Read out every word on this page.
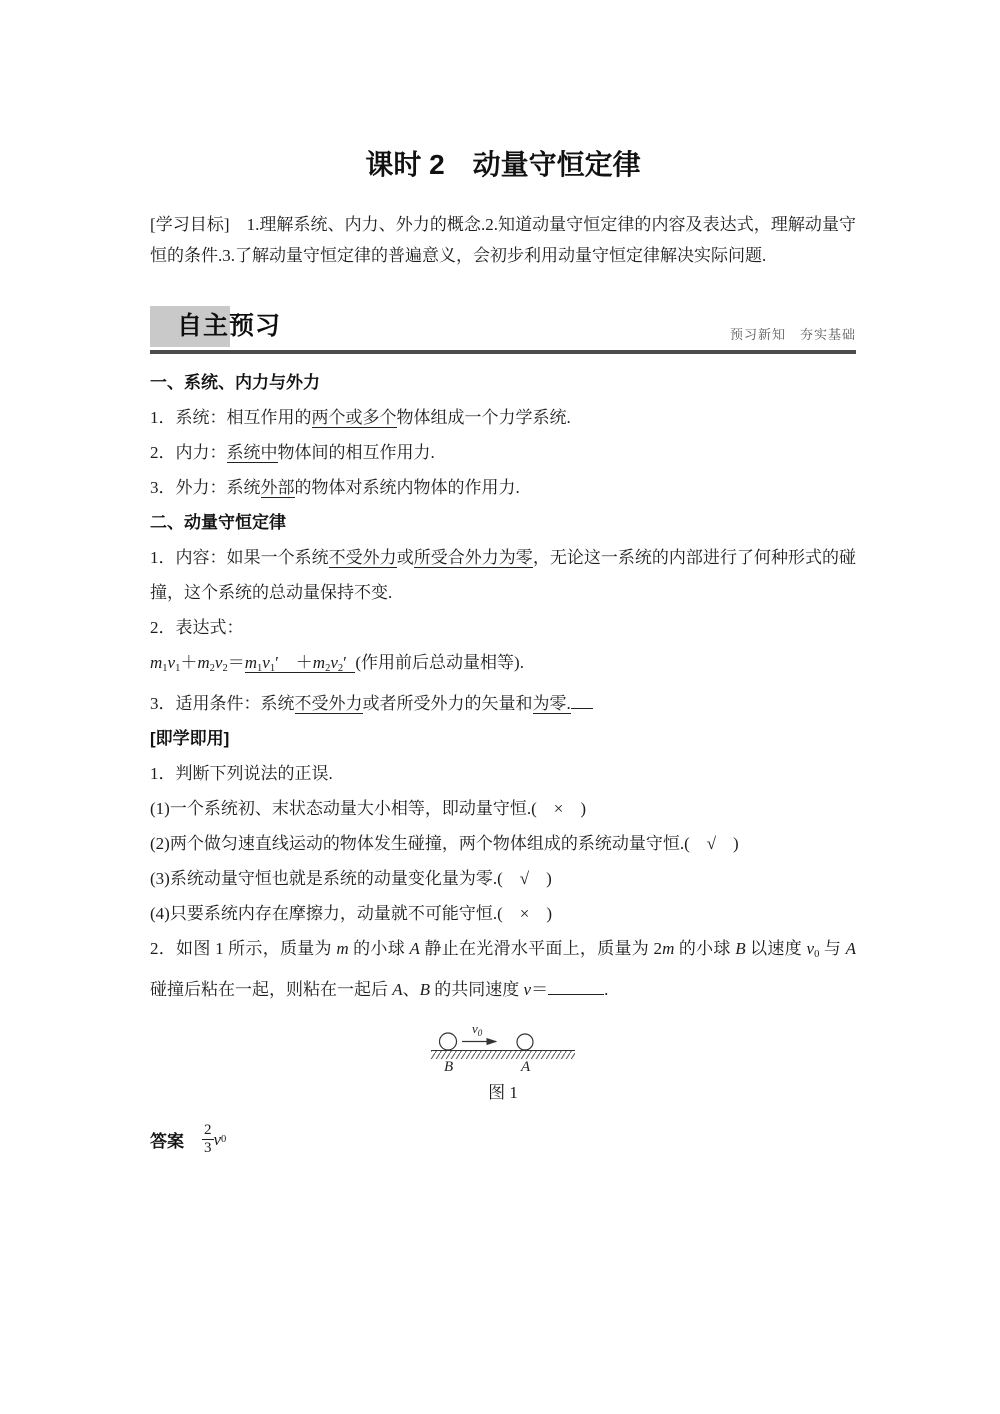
课时 2 动量守恒定律

[学习目标]  1.理解系统、内力、外力的概念.2.知道动量守恒定律的内容及表达式，理解动量守恒的条件.3.了解动量守恒定律的普遍意义，会初步利用动量守恒定律解决实际问题.

自主预习	预习新知 夯实基础

一、系统、内力与外力

1．系统：相互作用的两个或多个物体组成一个力学系统.

2．内力：系统中物体间的相互作用力.

3．外力：系统外部的物体对系统内物体的作用力.

二、动量守恒定律

1．内容：如果一个系统不受外力或所受合外力为零，无论这一系统的内部进行了何种形式的碰撞，这个系统的总动量保持不变.

2．表达式：

$m_1v_1+m_2v_2=m_1v_1'$ $+m_2v_2'$  (作用前后总动量相等).

3．适用条件：系统不受外力或者所受外力的矢量和为零.

[即学即用]

1．判断下列说法的正误.

(1)一个系统初、末状态动量大小相等，即动量守恒.( × )

(2)两个做匀速直线运动的物体发生碰撞，两个物体组成的系统动量守恒.( √ )

(3)系统动量守恒也就是系统的动量变化量为零.( √ )

(4)只要系统内存在摩擦力，动量就不可能守恒.( × )

2．如图 1 所示，质量为 m 的小球 A 静止在光滑水平面上，质量为 2m 的小球 B 以速度 $v_0$ 与 A 碰撞后粘在一起，则粘在一起后 A、B 的共同速度 v＝	.

$v_0$
B	A
图 1
答案 $\frac{2}{3}$ v 0
